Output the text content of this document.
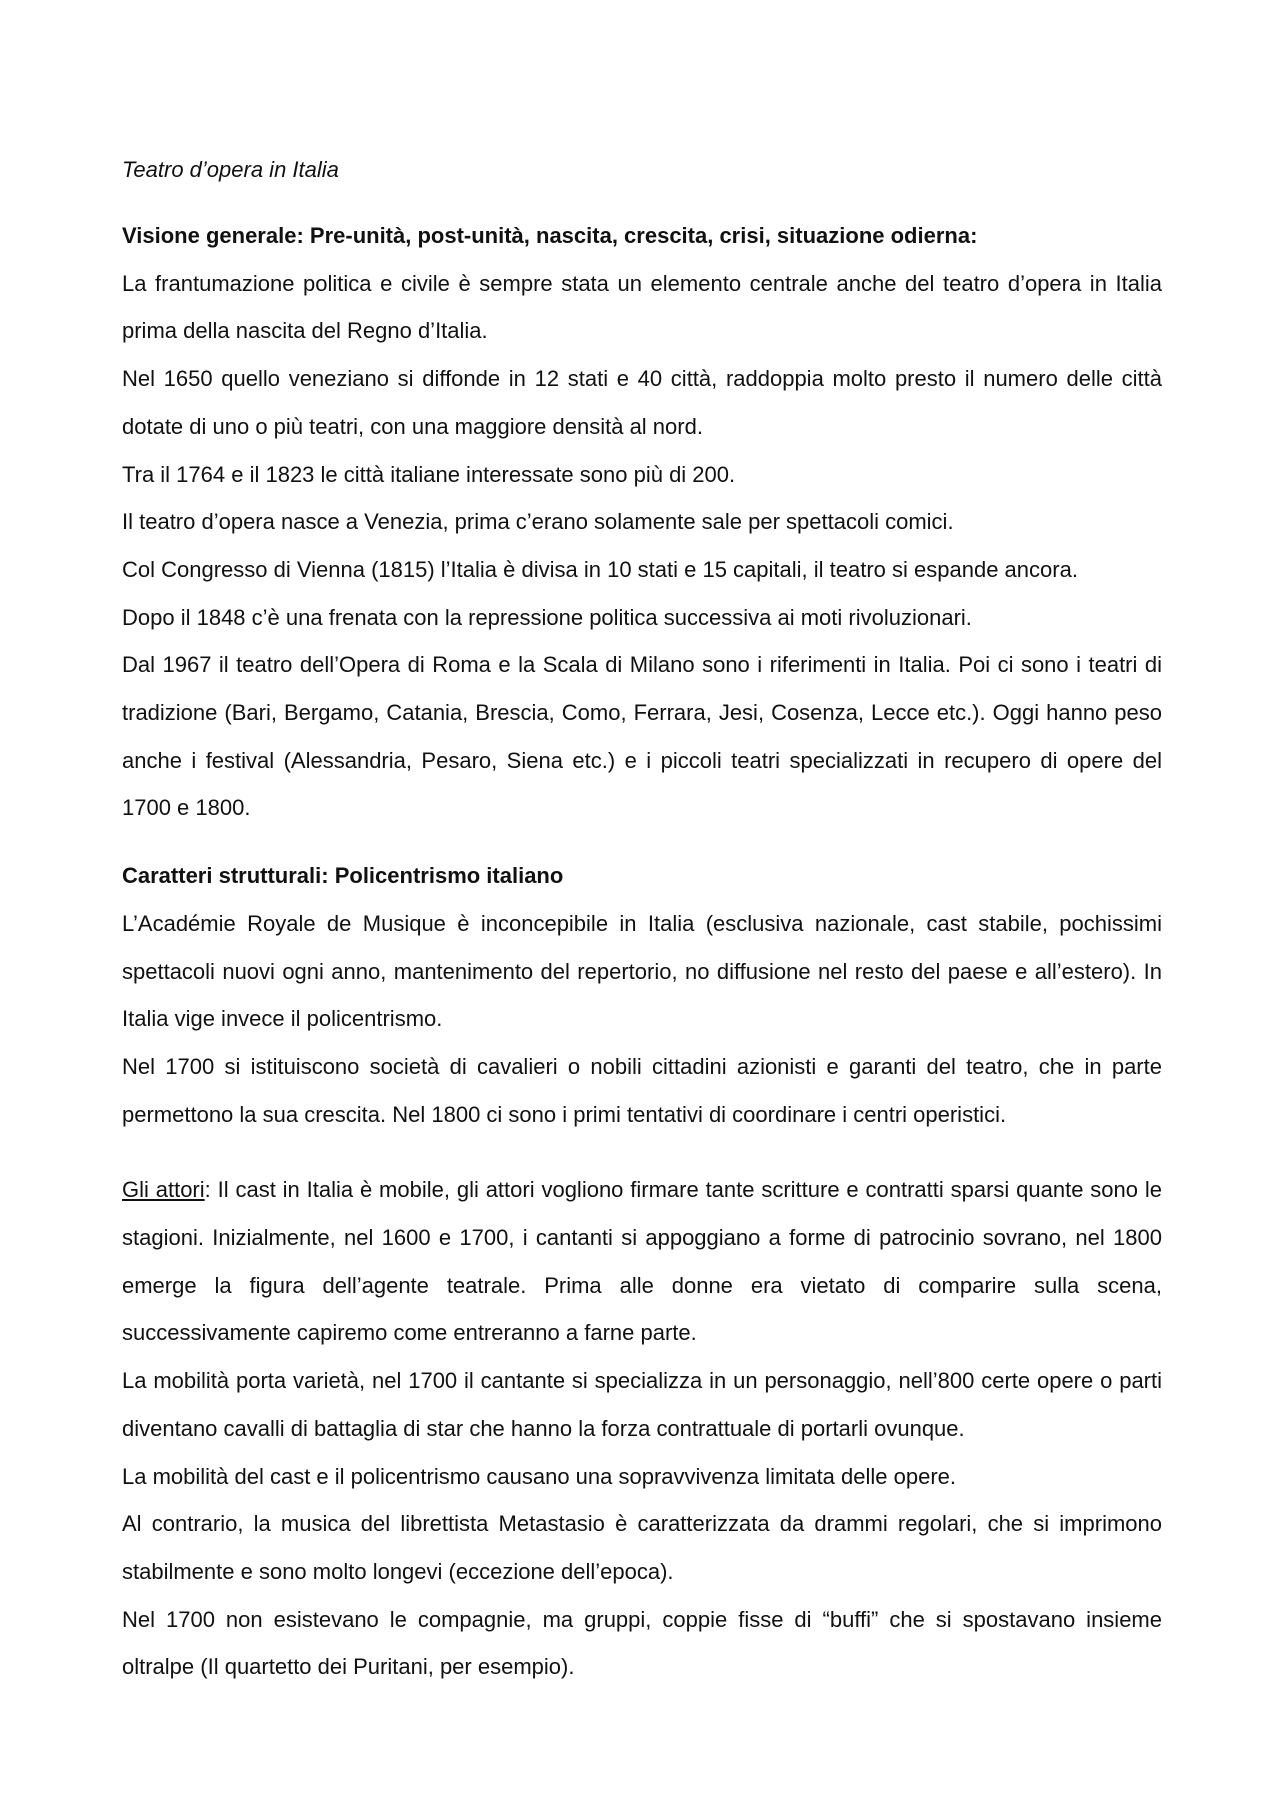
Teatro d’opera in Italia

Visione generale: Pre-unità, post-unità, nascita, crescita, crisi, situazione odierna:

La frantumazione politica e civile è sempre stata un elemento centrale anche del teatro d’opera in Italia prima della nascita del Regno d’Italia.

Nel 1650 quello veneziano si diffonde in 12 stati e 40 città, raddoppia molto presto il numero delle città dotate di uno o più teatri, con una maggiore densità al nord.

Tra il 1764 e il 1823 le città italiane interessate sono più di 200.

Il teatro d’opera nasce a Venezia, prima c’erano solamente sale per spettacoli comici.

Col Congresso di Vienna (1815) l’Italia è divisa in 10 stati e 15 capitali, il teatro si espande ancora.

Dopo il 1848 c’è una frenata con la repressione politica successiva ai moti rivoluzionari.

Dal 1967 il teatro dell’Opera di Roma e la Scala di Milano sono i riferimenti in Italia. Poi ci sono i teatri di tradizione (Bari, Bergamo, Catania, Brescia, Como, Ferrara, Jesi, Cosenza, Lecce etc.). Oggi hanno peso anche i festival (Alessandria, Pesaro, Siena etc.) e i piccoli teatri specializzati in recupero di opere del 1700 e 1800.

Caratteri strutturali: Policentrismo italiano

L’Académie Royale de Musique è inconcepibile in Italia (esclusiva nazionale, cast stabile, pochissimi spettacoli nuovi ogni anno, mantenimento del repertorio, no diffusione nel resto del paese e all’estero). In Italia vige invece il policentrismo.

Nel 1700 si istituiscono società di cavalieri o nobili cittadini azionisti e garanti del teatro, che in parte permettono la sua crescita. Nel 1800 ci sono i primi tentativi di coordinare i centri operistici.

Gli attori: Il cast in Italia è mobile, gli attori vogliono firmare tante scritture e contratti sparsi quante sono le stagioni. Inizialmente, nel 1600 e 1700, i cantanti si appoggiano a forme di patrocinio sovrano, nel 1800 emerge la figura dell’agente teatrale. Prima alle donne era vietato di comparire sulla scena, successivamente capiremo come entreranno a farne parte.

La mobilità porta varietà, nel 1700 il cantante si specializza in un personaggio, nell’800 certe opere o parti diventano cavalli di battaglia di star che hanno la forza contrattuale di portarli ovunque.

La mobilità del cast e il policentrismo causano una sopravvivenza limitata delle opere.

Al contrario, la musica del librettista Metastasio è caratterizzata da drammi regolari, che si imprimono stabilmente e sono molto longevi (eccezione dell’epoca).

Nel 1700 non esistevano le compagnie, ma gruppi, coppie fisse di “buffi” che si spostavano insieme oltralpe (Il quartetto dei Puritani, per esempio).
